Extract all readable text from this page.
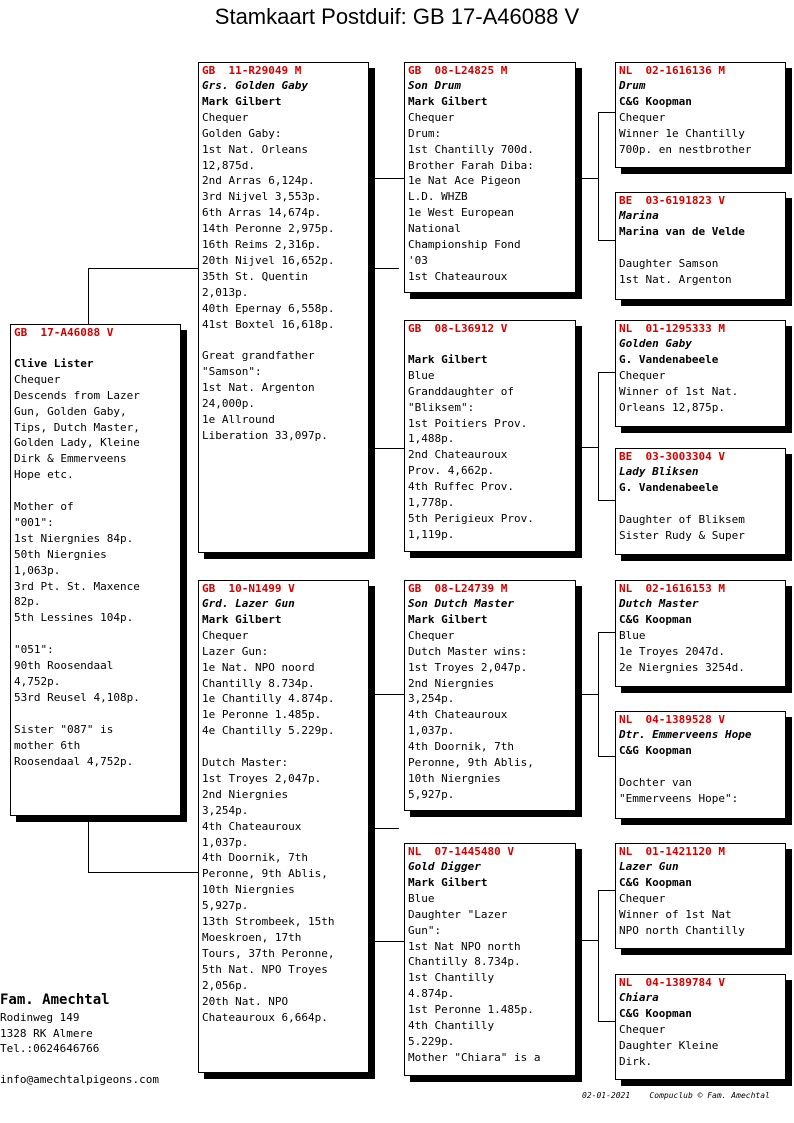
Stamkaart Postduif: GB 17-A46088 V
GB  17-A46088 V
Clive Lister
Chequer
Descends from Lazer
Gun, Golden Gaby,
Tips, Dutch Master,
Golden Lady, Kleine
Dirk & Emmerveens
Hope etc.
Mother of
"001":
1st Niergnies 84p.
50th Niergnies
1,063p.
3rd Pt. St. Maxence
82p.
5th Lessines 104p.
"051":
90th Roosendaal
4,752p.
53rd Reusel 4,108p.
Sister "087" is
mother 6th
Roosendaal 4,752p.
GB  11-R29049 M
Grs. Golden Gaby
Mark Gilbert
Chequer
Golden Gaby:
1st Nat. Orleans
12,875d.
2nd Arras 6,124p.
3rd Nijvel 3,553p.
6th Arras 14,674p.
14th Peronne 2,975p.
16th Reims 2,316p.
20th Nijvel 16,652p.
35th St. Quentin
2,013p.
40th Epernay 6,558p.
41st Boxtel 16,618p.
Great grandfather
"Samson":
1st Nat. Argenton
24,000p.
1e Allround
Liberation 33,097p.
GB  10-N1499 V
Grd. Lazer Gun
Mark Gilbert
Chequer
Lazer Gun:
1e Nat. NPO noord
Chantilly 8.734p.
1e Chantilly 4.874p.
1e Peronne 1.485p.
4e Chantilly 5.229p.
Dutch Master:
1st Troyes 2,047p.
2nd Niergnies
3,254p.
4th Chateauroux
1,037p.
4th Doornik, 7th
Peronne, 9th Ablis,
10th Niergnies
5,927p.
13th Strombeek, 15th
Moeskroen, 17th
Tours, 37th Peronne,
5th Nat. NPO Troyes
2,056p.
20th Nat. NPO
Chateauroux 6,664p.
GB  08-L24825 M
Son Drum
Mark Gilbert
Chequer
Drum:
1st Chantilly 700d.
Brother Farah Diba:
1e Nat Ace Pigeon
L.D. WHZB
1e West European
National
Championship Fond
'03
1st Chateauroux
GB  08-L36912 V
Mark Gilbert
Blue
Granddaughter of
"Bliksem":
1st Poitiers Prov.
1,488p.
2nd Chateauroux
Prov. 4,662p.
4th Ruffec Prov.
1,778p.
5th Perigieux Prov.
1,119p.
GB  08-L24739 M
Son Dutch Master
Mark Gilbert
Chequer
Dutch Master wins:
1st Troyes 2,047p.
2nd Niergnies
3,254p.
4th Chateauroux
1,037p.
4th Doornik, 7th
Peronne, 9th Ablis,
10th Niergnies
5,927p.
NL  07-1445480 V
Gold Digger
Mark Gilbert
Blue
Daughter "Lazer
Gun":
1st Nat NPO north
Chantilly 8.734p.
1st Chantilly
4.874p.
1st Peronne 1.485p.
4th Chantilly
5.229p.
Mother "Chiara" is a
NL  02-1616136 M
Drum
C&G Koopman
Chequer
Winner 1e Chantilly
700p. en nestbrother
BE  03-6191823 V
Marina
Marina van de Velde
Daughter Samson
1st Nat. Argenton
NL  01-1295333 M
Golden Gaby
G. Vandenabeele
Chequer
Winner of 1st Nat.
Orleans 12,875p.
BE  03-3003304 V
Lady Bliksen
G. Vandenabeele
Daughter of Bliksem
Sister Rudy & Super
NL  02-1616153 M
Dutch Master
C&G Koopman
Blue
1e Troyes 2047d.
2e Niergnies 3254d.
NL  04-1389528 V
Dtr. Emmerveens Hope
C&G Koopman
Dochter van
"Emmerveens Hope":
NL  01-1421120 M
Lazer Gun
C&G Koopman
Chequer
Winner of 1st Nat
NPO north Chantilly
NL  04-1389784 V
Chiara
C&G Koopman
Chequer
Daughter Kleine
Dirk.
Fam. Amechtal
Rodinweg 149
1328 RK Almere
Tel.:0624646766
info@amechtalpigeons.com
02-01-2021    Compuclub © Fam. Amechtal
